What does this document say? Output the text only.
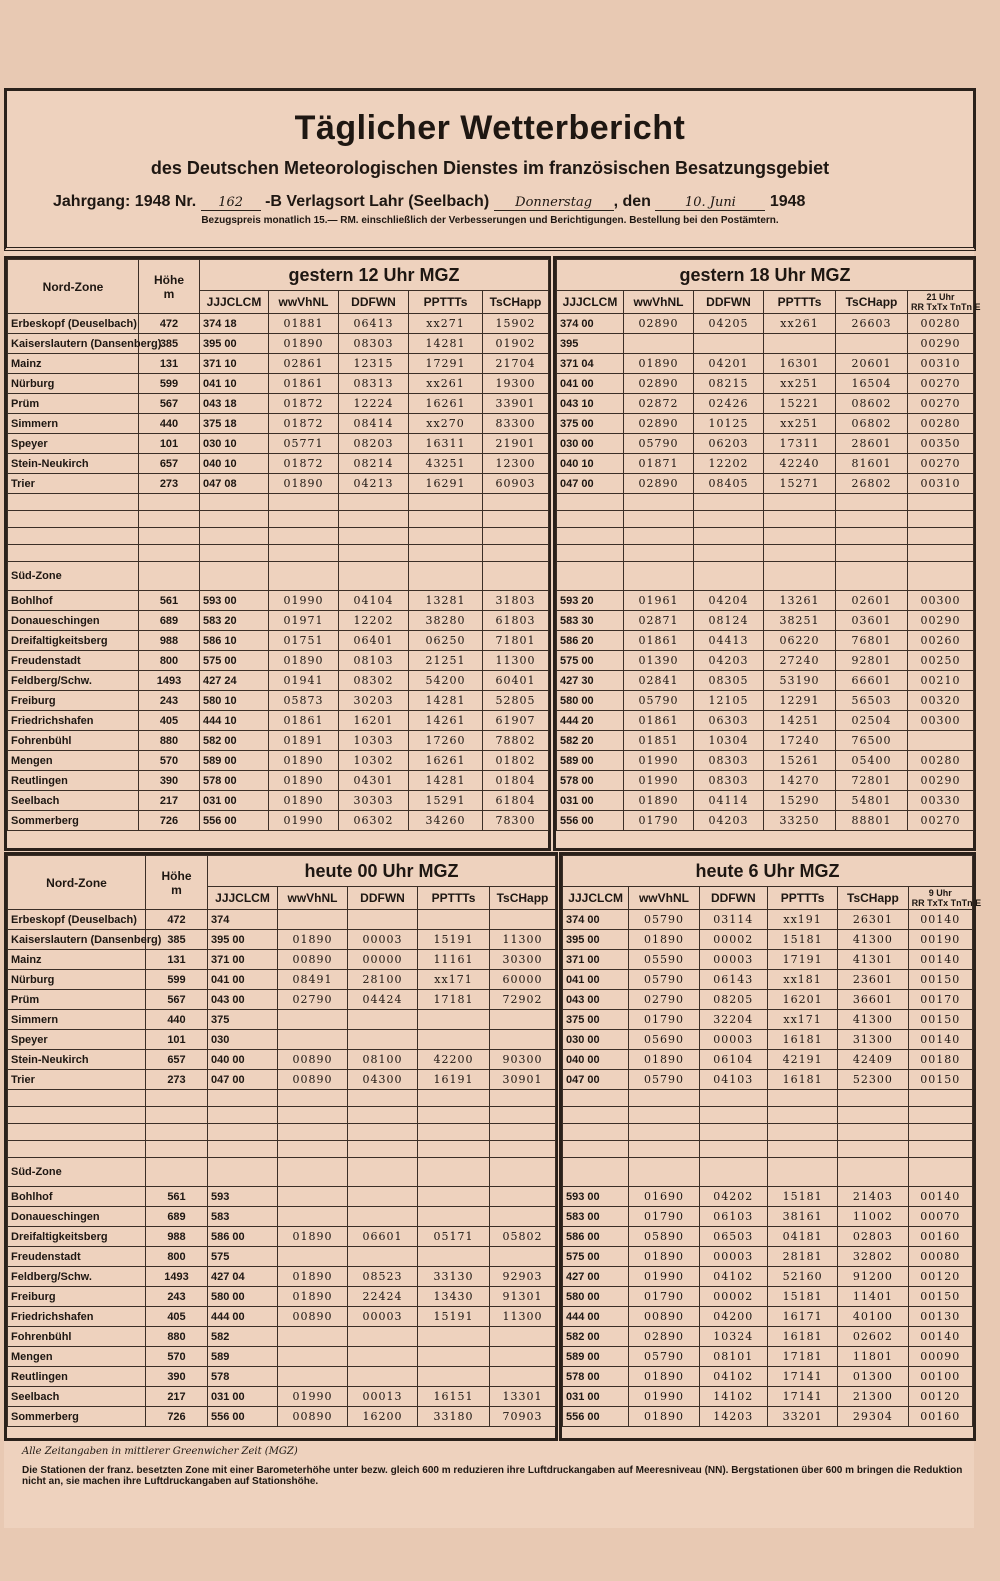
Täglicher Wetterbericht
des Deutschen Meteorologischen Dienstes im französischen Besatzungsgebiet
Jahrgang: 1948 Nr. 162 -B Verlagsort Lahr (Seelbach) Donnerstag , den	10. Juni 1948
Bezugspreis monatlich 15.— RM. einschließlich der Verbesserungen und Berichtigungen. Bestellung bei den Postämtern.
Nord-Zone	Höhe
m	gestern 12 Uhr MGZ				
		JJJCLCM	wwVhNL	DDFWN	PPTTTs	TsCHapp
Erbeskopf (Deuselbach)	472	374 18	01881	06413	xx271	15902
Kaiserslautern (Dansenberg)	385	395 00	01890	08303	14281	01902
Mainz	131	371 10	02861	12315	17291	21704
Nürburg	599	041 10	01861	08313	xx261	19300
Prüm	567	043 18	01872	12224	16261	33901
Simmern	440	375 18	01872	08414	xx270	83300
Speyer	101	030 10	05771	08203	16311	21901
Stein-Neukirch	657	040 10	01872	08214	43251	12300
Trier	273	047 08	01890	04213	16291	60903

Süd-Zone						
Bohlhof	561	593 00	01990	04104	13281	31803
Donaueschingen	689	583 20	01971	12202	38280	61803
Dreifaltigkeitsberg	988	586 10	01751	06401	06250	71801
Freudenstadt	800	575 00	01890	08103	21251	11300
Feldberg/Schw.	1493	427 24	01941	08302	54200	60401
Freiburg	243	580 10	05873	30203	14281	52805
Friedrichshafen	405	444 10	01861	16201	14261	61907
Fohrenbühl	880	582 00	01891	10303	17260	78802
Mengen	570	589 00	01890	10302	16261	01802
Reutlingen	390	578 00	01890	04301	14281	01804
Seelbach	217	031 00	01890	30303	15291	61804
Sommerberg	726	556 00	01990	06302	34260	78300
gestern 18 Uhr MGZ					
JJJCLCM	wwVhNL	DDFWN	PPTTTs	TsCHapp	21 Uhr
RR TxTx TnTn E
374 00	02890	04205	xx261	26603	00280
395					00290
371 04	01890	04201	16301	20601	00310
041 00	02890	08215	xx251	16504	00270
043 10	02872	02426	15221	08602	00270
375 00	02890	10125	xx251	06802	00280
030 00	05790	06203	17311	28601	00350
040 10	01871	12202	42240	81601	00270
047 00	02890	08405	15271	26802	00310

593 20	01961	04204	13261	02601	00300
583 30	02871	08124	38251	03601	00290
586 20	01861	04413	06220	76801	00260
575 00	01390	04203	27240	92801	00250
427 30	02841	08305	53190	66601	00210
580 00	05790	12105	12291	56503	00320
444 20	01861	06303	14251	02504	00300
582 20	01851	10304	17240	76500	
589 00	01990	08303	15261	05400	00280
578 00	01990	08303	14270	72801	00290
031 00	01890	04114	15290	54801	00330
556 00	01790	04203	33250	88801	00270
Nord-Zone	Höhe
m	heute 00 Uhr MGZ				
		JJJCLCM	wwVhNL	DDFWN	PPTTTs	TsCHapp
Erbeskopf (Deuselbach)	472	374				
Kaiserslautern (Dansenberg)	385	395 00	01890	00003	15191	11300
Mainz	131	371 00	00890	00000	11161	30300
Nürburg	599	041 00	08491	28100	xx171	60000
Prüm	567	043 00	02790	04424	17181	72902
Simmern	440	375				
Speyer	101	030				
Stein-Neukirch	657	040 00	00890	08100	42200	90300
Trier	273	047 00	00890	04300	16191	30901

Süd-Zone						
Bohlhof	561	593				
Donaueschingen	689	583				
Dreifaltigkeitsberg	988	586 00	01890	06601	05171	05802
Freudenstadt	800	575				
Feldberg/Schw.	1493	427 04	01890	08523	33130	92903
Freiburg	243	580 00	01890	22424	13430	91301
Friedrichshafen	405	444 00	00890	00003	15191	11300
Fohrenbühl	880	582				
Mengen	570	589				
Reutlingen	390	578				
Seelbach	217	031 00	01990	00013	16151	13301
Sommerberg	726	556 00	00890	16200	33180	70903
heute 6 Uhr MGZ					
JJJCLCM	wwVhNL	DDFWN	PPTTTs	TsCHapp	9 Uhr
RR TxTx TnTn E
374 00	05790	03114	xx191	26301	00140
395 00	01890	00002	15181	41300	00190
371 00	05590	00003	17191	41301	00140
041 00	05790	06143	xx181	23601	00150
043 00	02790	08205	16201	36601	00170
375 00	01790	32204	xx171	41300	00150
030 00	05690	00003	16181	31300	00140
040 00	01890	06104	42191	42409	00180
047 00	05790	04103	16181	52300	00150

593 00	01690	04202	15181	21403	00140
583 00	01790	06103	38161	11002	00070
586 00	05890	06503	04181	02803	00160
575 00	01890	00003	28181	32802	00080
427 00	01990	04102	52160	91200	00120
580 00	01790	00002	15181	11401	00150
444 00	00890	04200	16171	40100	00130
582 00	02890	10324	16181	02602	00140
589 00	05790	08101	17181	11801	00090
578 00	01890	04102	17141	01300	00100
031 00	01990	14102	17141	21300	00120
556 00	01890	14203	33201	29304	00160
Alle Zeitangaben in mittlerer Greenwicher Zeit (MGZ)
Die Stationen der franz. besetzten Zone mit einer Barometerhöhe unter bezw. gleich 600 m reduzieren ihre Luftdruckangaben auf Meeresniveau (NN). Bergstationen über 600 m bringen die Reduktion nicht an, sie machen ihre Luftdruckangaben auf Stationshöhe.
